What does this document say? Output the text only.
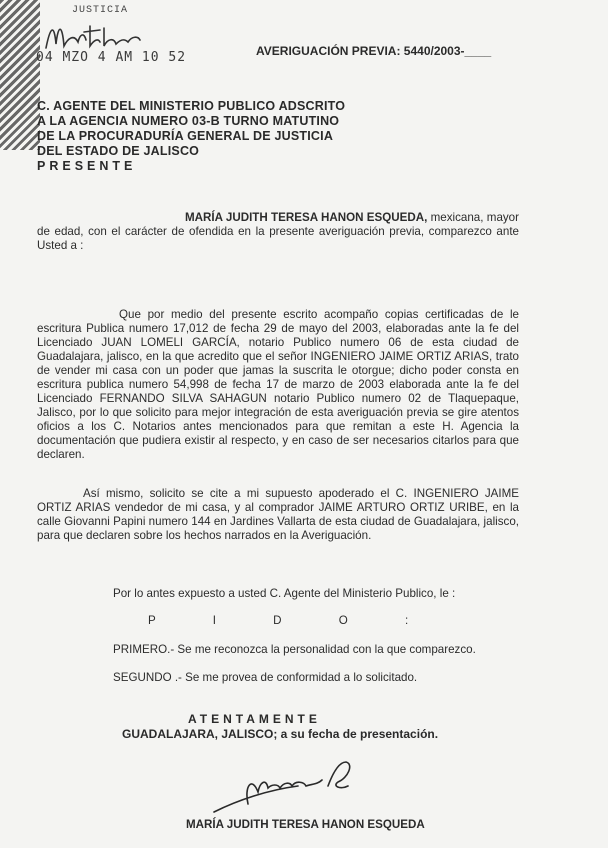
JUSTICIA
04 MZO 4 AM 10 52	AVERIGUACIÓN PREVIA: 5440/2003-____
C. AGENTE DEL MINISTERIO PUBLICO ADSCRITO
A LA AGENCIA NUMERO 03-B TURNO MATUTINO
DE LA PROCURADURÍA GENERAL DE JUSTICIA
DEL ESTADO DE JALISCO
PRESENTE
MARÍA JUDITH TERESA HANON ESQUEDA, mexicana, mayor de edad, con el carácter de ofendida en la presente averiguación previa, comparezco ante Usted a :
Que por medio del presente escrito acompaño copias certificadas de le escritura Publica numero 17,012 de fecha 29 de mayo del 2003, elaboradas ante la fe del Licenciado JUAN LOMELI GARCÍA, notario Publico numero 06 de esta ciudad de Guadalajara, jalisco, en la que acredito que el señor INGENIERO JAIME ORTIZ ARIAS, trato de vender mi casa con un poder que jamas la suscrita le otorgue; dicho poder consta en escritura publica numero 54,998 de fecha 17 de marzo de 2003 elaborada ante la fe del Licenciado FERNANDO SILVA SAHAGUN notario Publico numero 02 de Tlaquepaque, Jalisco, por lo que solicito para mejor integración de esta averiguación previa se gire atentos oficios a los C. Notarios antes mencionados para que remitan a este H. Agencia la documentación que pudiera existir al respecto, y en caso de ser necesarios citarlos para que declaren.
Así mismo, solicito se cite a mi supuesto apoderado el C. INGENIERO JAIME ORTIZ ARIAS vendedor de mi casa, y al comprador JAIME ARTURO ORTIZ URIBE, en la calle Giovanni Papini numero 144 en Jardines Vallarta de esta ciudad de Guadalajara, jalisco, para que declaren sobre los hechos narrados en la Averiguación.
Por lo antes expuesto a usted C. Agente del Ministerio Publico, le :
P I D O :
PRIMERO.- Se me reconozca la personalidad con la que comparezco.
SEGUNDO .- Se me provea de conformidad a lo solicitado.
ATENTAMENTE
GUADALAJARA, JALISCO; a su fecha de presentación.
MARÍA JUDITH TERESA HANON ESQUEDA
